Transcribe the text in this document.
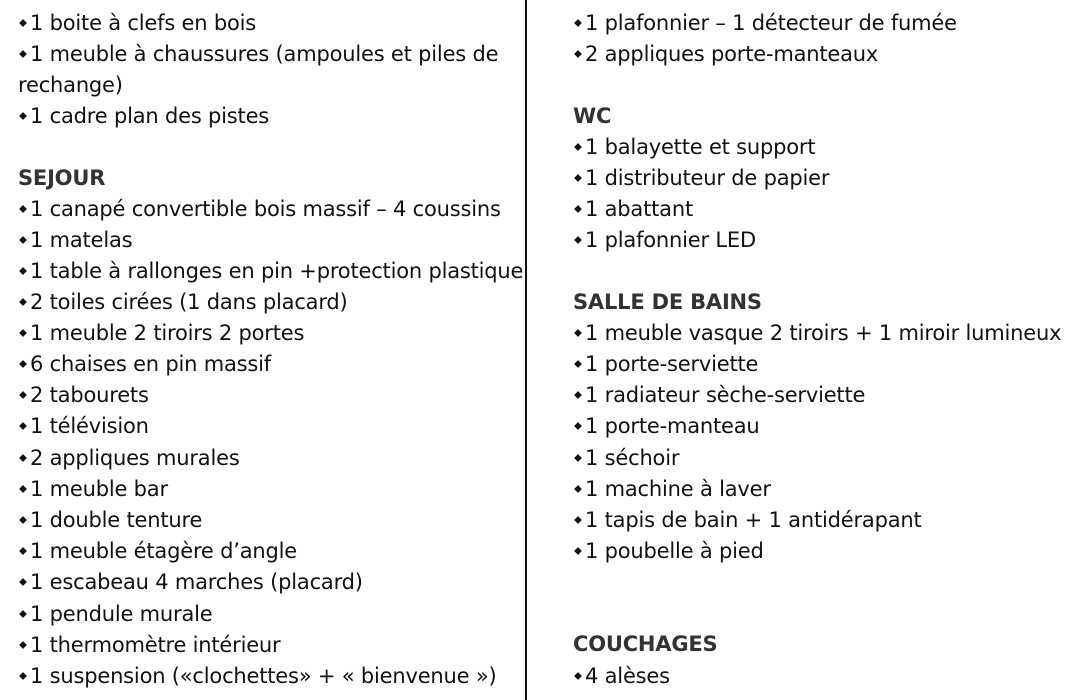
1 boite à clefs en bois
1 meuble à chaussures (ampoules et piles de
rechange)
1 cadre plan des pistes
SEJOUR
1 canapé convertible bois massif – 4 coussins
1 matelas
1 table à rallonges en pin +protection plastique
2 toiles cirées (1 dans placard)
1 meuble 2 tiroirs 2 portes
6 chaises en pin massif
2 tabourets
1 télévision
2 appliques murales
1 meuble bar
1 double tenture
1 meuble étagère d’angle
1 escabeau 4 marches (placard)
1 pendule murale
1 thermomètre intérieur
1 suspension («clochettes» + « bienvenue »)
1 plafonnier – 1 détecteur de fumée
2 appliques porte-manteaux
WC
1 balayette et support
1 distributeur de papier
1 abattant
1 plafonnier LED
SALLE DE BAINS
1 meuble vasque 2 tiroirs + 1 miroir lumineux
1 porte-serviette
1 radiateur sèche-serviette
1 porte-manteau
1 séchoir
1 machine à laver
1 tapis de bain + 1 antidérapant
1 poubelle à pied
COUCHAGES
4 alèses
